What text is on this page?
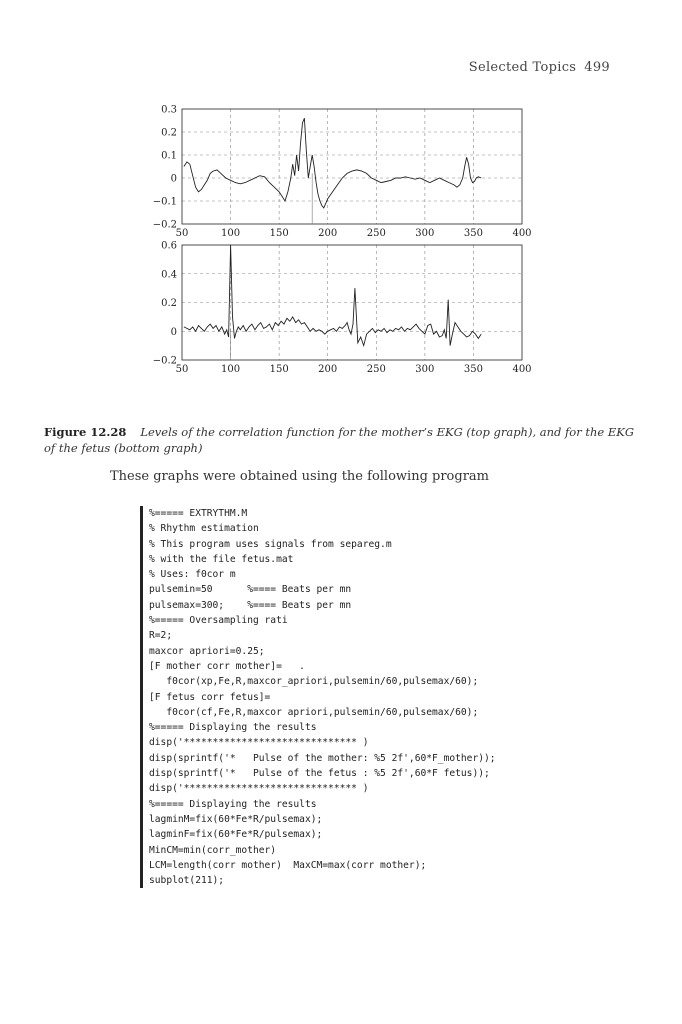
Selected Topics 499
0.3
0.2
0.1
0
−0.1
−0.2
50	100	150	200	250	300	350	400
0.6
0.4
0.2
0
−0.2
50	100	150	200	250	300	350	400
Figure 12.28 Levels of the correlation function for the mother’s EKG (top graph), and for the EKG of the fetus (bottom graph)
These graphs were obtained using the following program
%===== EXTRYTHM.M
% Rhythm estimation
% This program uses signals from separeg.m
% with the file fetus.mat
% Uses: f0cor m
pulsemin=50      %==== Beats per mn
pulsemax=300;    %==== Beats per mn
%===== Oversampling rati
R=2;
maxcor apriori=0.25;
[F mother corr mother]=   .
f0cor(xp,Fe,R,maxcor_apriori,pulsemin/60,pulsemax/60);
[F fetus corr fetus]=
f0cor(cf,Fe,R,maxcor apriori,pulsemin/60,pulsemax/60);
%===== Displaying the results
disp('****************************** )
disp(sprintf('*   Pulse of the mother: %5 2f',60*F_mother));
disp(sprintf('*   Pulse of the fetus : %5 2f',60*F fetus));
disp('****************************** )
%===== Displaying the results
lagminM=fix(60*Fe*R/pulsemax);
lagminF=fix(60*Fe*R/pulsemax);
MinCM=min(corr_mother)
LCM=length(corr mother)  MaxCM=max(corr mother);
subplot(211);
